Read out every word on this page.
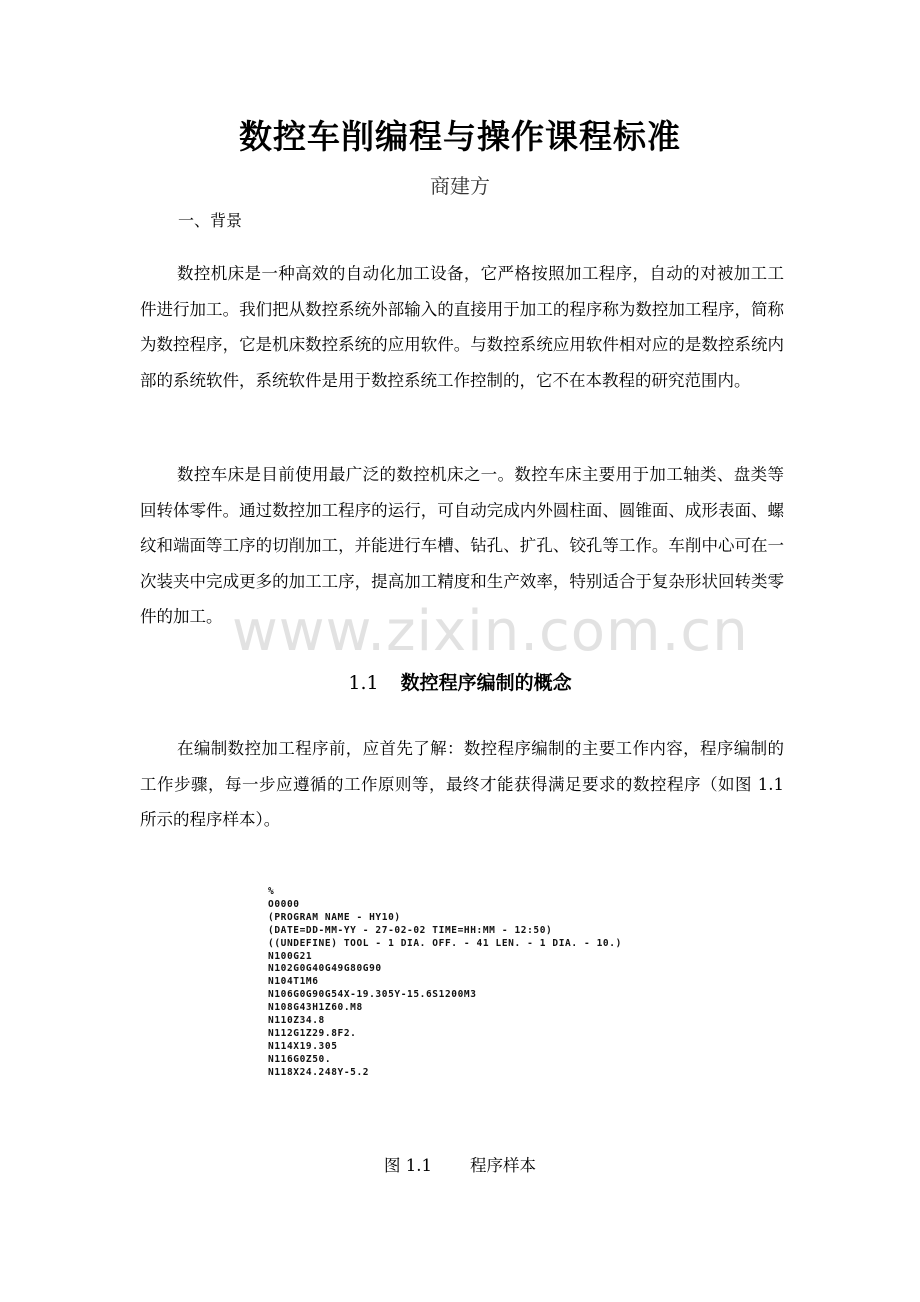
数控车削编程与操作课程标准
商建方
一、背景

数控机床是一种高效的自动化加工设备，它严格按照加工程序，自动的对被加工工件进行加工。我们把从数控系统外部输入的直接用于加工的程序称为数控加工程序，简称为数控程序，它是机床数控系统的应用软件。与数控系统应用软件相对应的是数控系统内部的系统软件，系统软件是用于数控系统工作控制的，它不在本教程的研究范围内。

数控车床是目前使用最广泛的数控机床之一。数控车床主要用于加工轴类、盘类等回转体零件。通过数控加工程序的运行，可自动完成内外圆柱面、圆锥面、成形表面、螺纹和端面等工序的切削加工，并能进行车槽、钻孔、扩孔、铰孔等工作。车削中心可在一次装夹中完成更多的加工工序，提高加工精度和生产效率，特别适合于复杂形状回转类零件的加工。

1.1 数控程序编制的概念

在编制数控加工程序前，应首先了解：数控程序编制的主要工作内容，程序编制的工作步骤，每一步应遵循的工作原则等，最终才能获得满足要求的数控程序（如图 1.1 所示的程序样本）。

%
O0000
(PROGRAM NAME - HY10)
(DATE=DD-MM-YY - 27-02-02 TIME=HH:MM - 12:50)
((UNDEFINE) TOOL - 1 DIA. OFF. - 41 LEN. - 1 DIA. - 10.)
N100G21
N102G0G40G49G80G90
N104T1M6
N106G0G90G54X-19.305Y-15.6S1200M3
N108G43H1Z60.M8
N110Z34.8
N112G1Z29.8F2.
N114X19.305
N116G0Z50.
N118X24.248Y-5.2
图 1.1 程序样本
www.zixin.com.cn
